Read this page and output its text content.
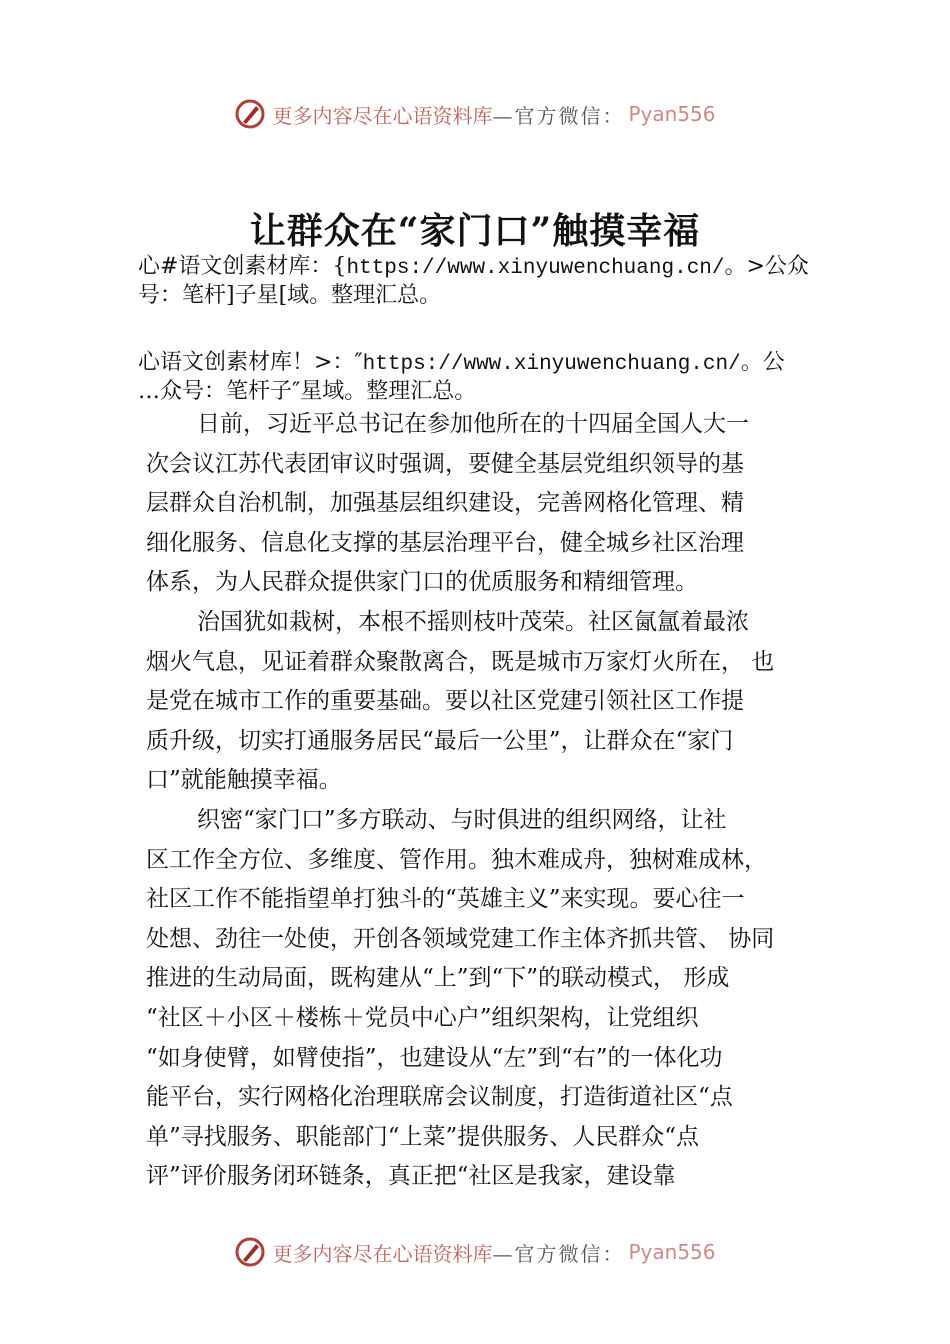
更多内容尽在心语资料库 —官方微信： Pyan556
让群众在“家门口”触摸幸福
心#语文创素材库：{https://www.xinyuwenchuang.cn/。>公众
号：笔杆]子星[域。整理汇总。
心语文创素材库！>：″https://www.xinyuwenchuang.cn/。公
…众号：笔杆子″星域。整理汇总。
日前，习近平总书记在参加他所在的十四届全国人大一
次会议江苏代表团审议时强调，要健全基层党组织领导的基
层群众自治机制，加强基层组织建设，完善网格化管理、精
细化服务、信息化支撑的基层治理平台，健全城乡社区治理
体系，为人民群众提供家门口的优质服务和精细管理。
治国犹如栽树，本根不摇则枝叶茂荣。社区氤氲着最浓
烟火气息，见证着群众聚散离合，既是城市万家灯火所在， 也
是党在城市工作的重要基础。要以社区党建引领社区工作提
质升级，切实打通服务居民“最后一公里”，让群众在“家门
口”就能触摸幸福。
织密“家门口”多方联动、与时俱进的组织网络，让社
区工作全方位、多维度、管作用。独木难成舟，独树难成林，
社区工作不能指望单打独斗的“英雄主义”来实现。要心往一
处想、劲往一处使，开创各领域党建工作主体齐抓共管、 协同
推进的生动局面，既构建从“上”到“下”的联动模式， 形成
“社区＋小区＋楼栋＋党员中心户”组织架构，让党组织
“如身使臂，如臂使指”，也建设从“左”到“右”的一体化功
能平台，实行网格化治理联席会议制度，打造街道社区“点
单”寻找服务、职能部门“上菜”提供服务、人民群众“点
评”评价服务闭环链条，真正把“社区是我家，建设靠
更多内容尽在心语资料库 —官方微信： Pyan556
